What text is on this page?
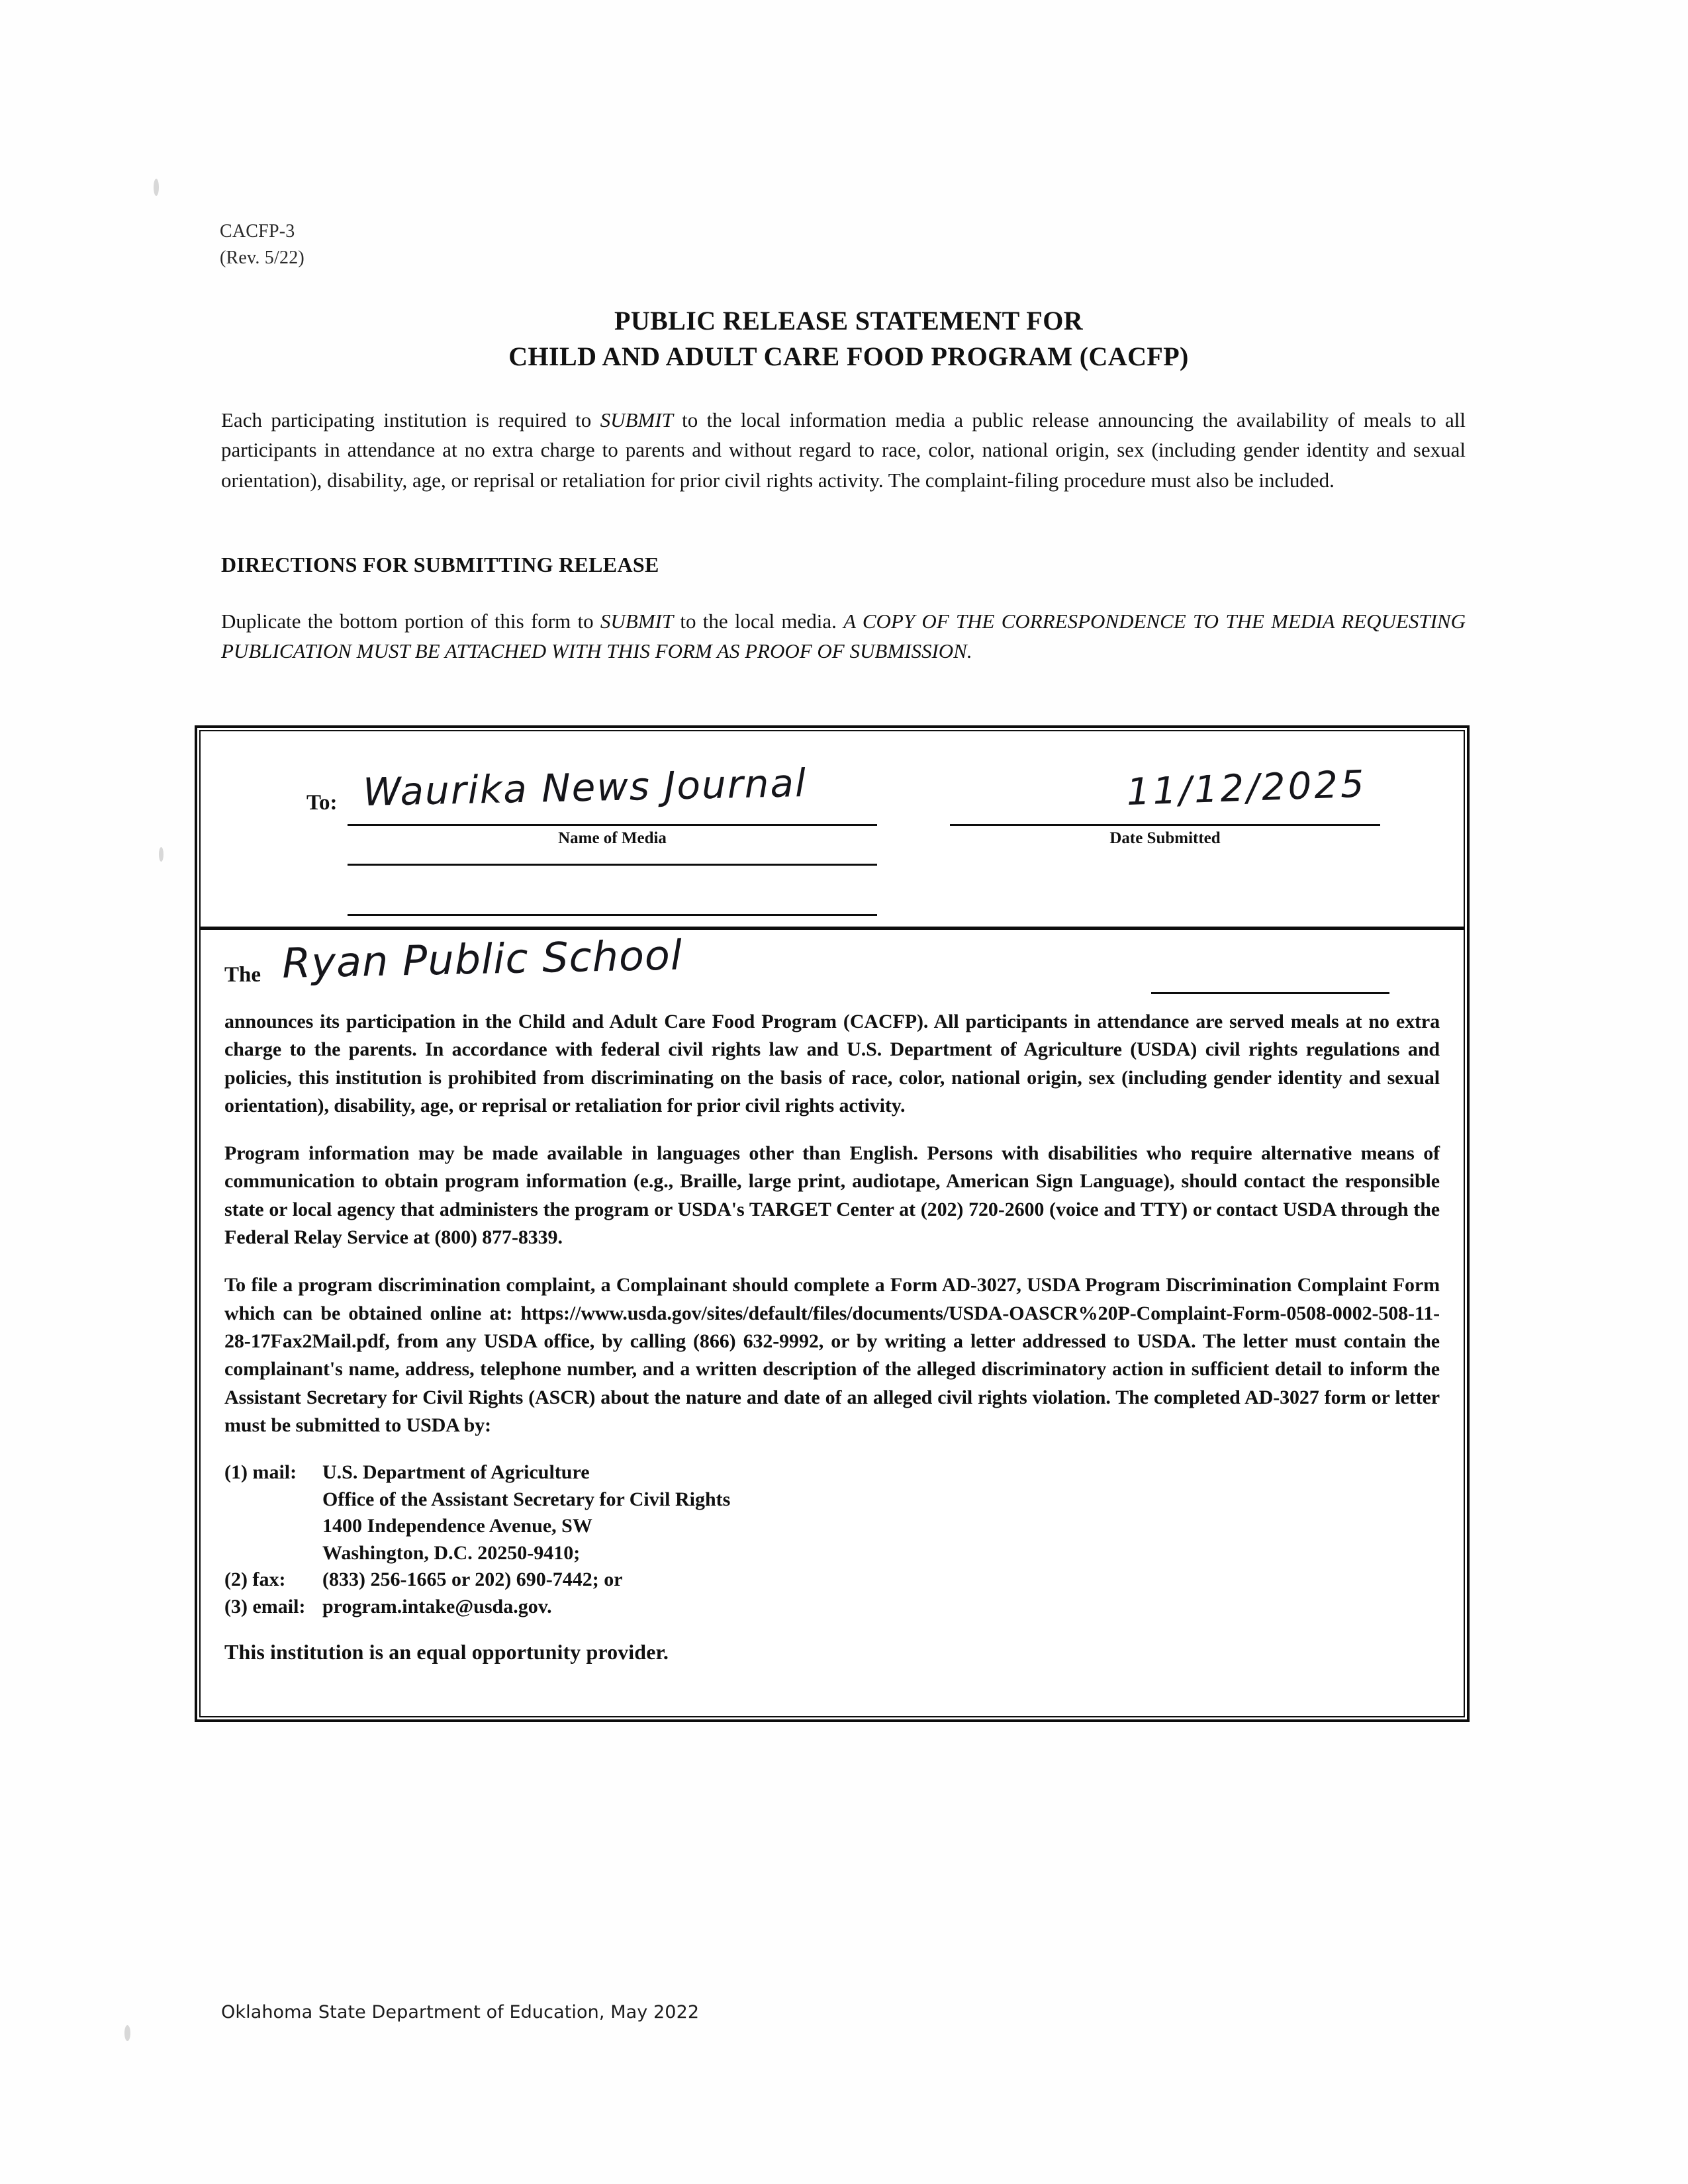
CACFP-3
(Rev. 5/22)
PUBLIC RELEASE STATEMENT FOR
CHILD AND ADULT CARE FOOD PROGRAM (CACFP)
Each participating institution is required to SUBMIT to the local information media a public release announcing the availability of meals to all participants in attendance at no extra charge to parents and without regard to race, color, national origin, sex (including gender identity and sexual orientation), disability, age, or reprisal or retaliation for prior civil rights activity. The complaint-filing procedure must also be included.
DIRECTIONS FOR SUBMITTING RELEASE
Duplicate the bottom portion of this form to SUBMIT to the local media. A COPY OF THE CORRESPONDENCE TO THE MEDIA REQUESTING PUBLICATION MUST BE ATTACHED WITH THIS FORM AS PROOF OF SUBMISSION.
To: Waurika News Journal
Name of Media
11/12/2025
Date Submitted
The Ryan Public School

announces its participation in the Child and Adult Care Food Program (CACFP). All participants in attendance are served meals at no extra charge to the parents. In accordance with federal civil rights law and U.S. Department of Agriculture (USDA) civil rights regulations and policies, this institution is prohibited from discriminating on the basis of race, color, national origin, sex (including gender identity and sexual orientation), disability, age, or reprisal or retaliation for prior civil rights activity.

Program information may be made available in languages other than English. Persons with disabilities who require alternative means of communication to obtain program information (e.g., Braille, large print, audiotape, American Sign Language), should contact the responsible state or local agency that administers the program or USDA's TARGET Center at (202) 720-2600 (voice and TTY) or contact USDA through the Federal Relay Service at (800) 877-8339.

To file a program discrimination complaint, a Complainant should complete a Form AD-3027, USDA Program Discrimination Complaint Form which can be obtained online at: https://www.usda.gov/sites/default/files/documents/USDA-OASCR%20P-Complaint-Form-0508-0002-508-11-28-17Fax2Mail.pdf, from any USDA office, by calling (866) 632-9992, or by writing a letter addressed to USDA. The letter must contain the complainant's name, address, telephone number, and a written description of the alleged discriminatory action in sufficient detail to inform the Assistant Secretary for Civil Rights (ASCR) about the nature and date of an alleged civil rights violation. The completed AD-3027 form or letter must be submitted to USDA by:

(1) mail:	U.S. Department of Agriculture
Office of the Assistant Secretary for Civil Rights
1400 Independence Avenue, SW
Washington, D.C. 20250-9410;
(2) fax:	(833) 256-1665 or 202) 690-7442; or
(3) email: program.intake@usda.gov.

This institution is an equal opportunity provider.

Oklahoma State Department of Education, May 2022
